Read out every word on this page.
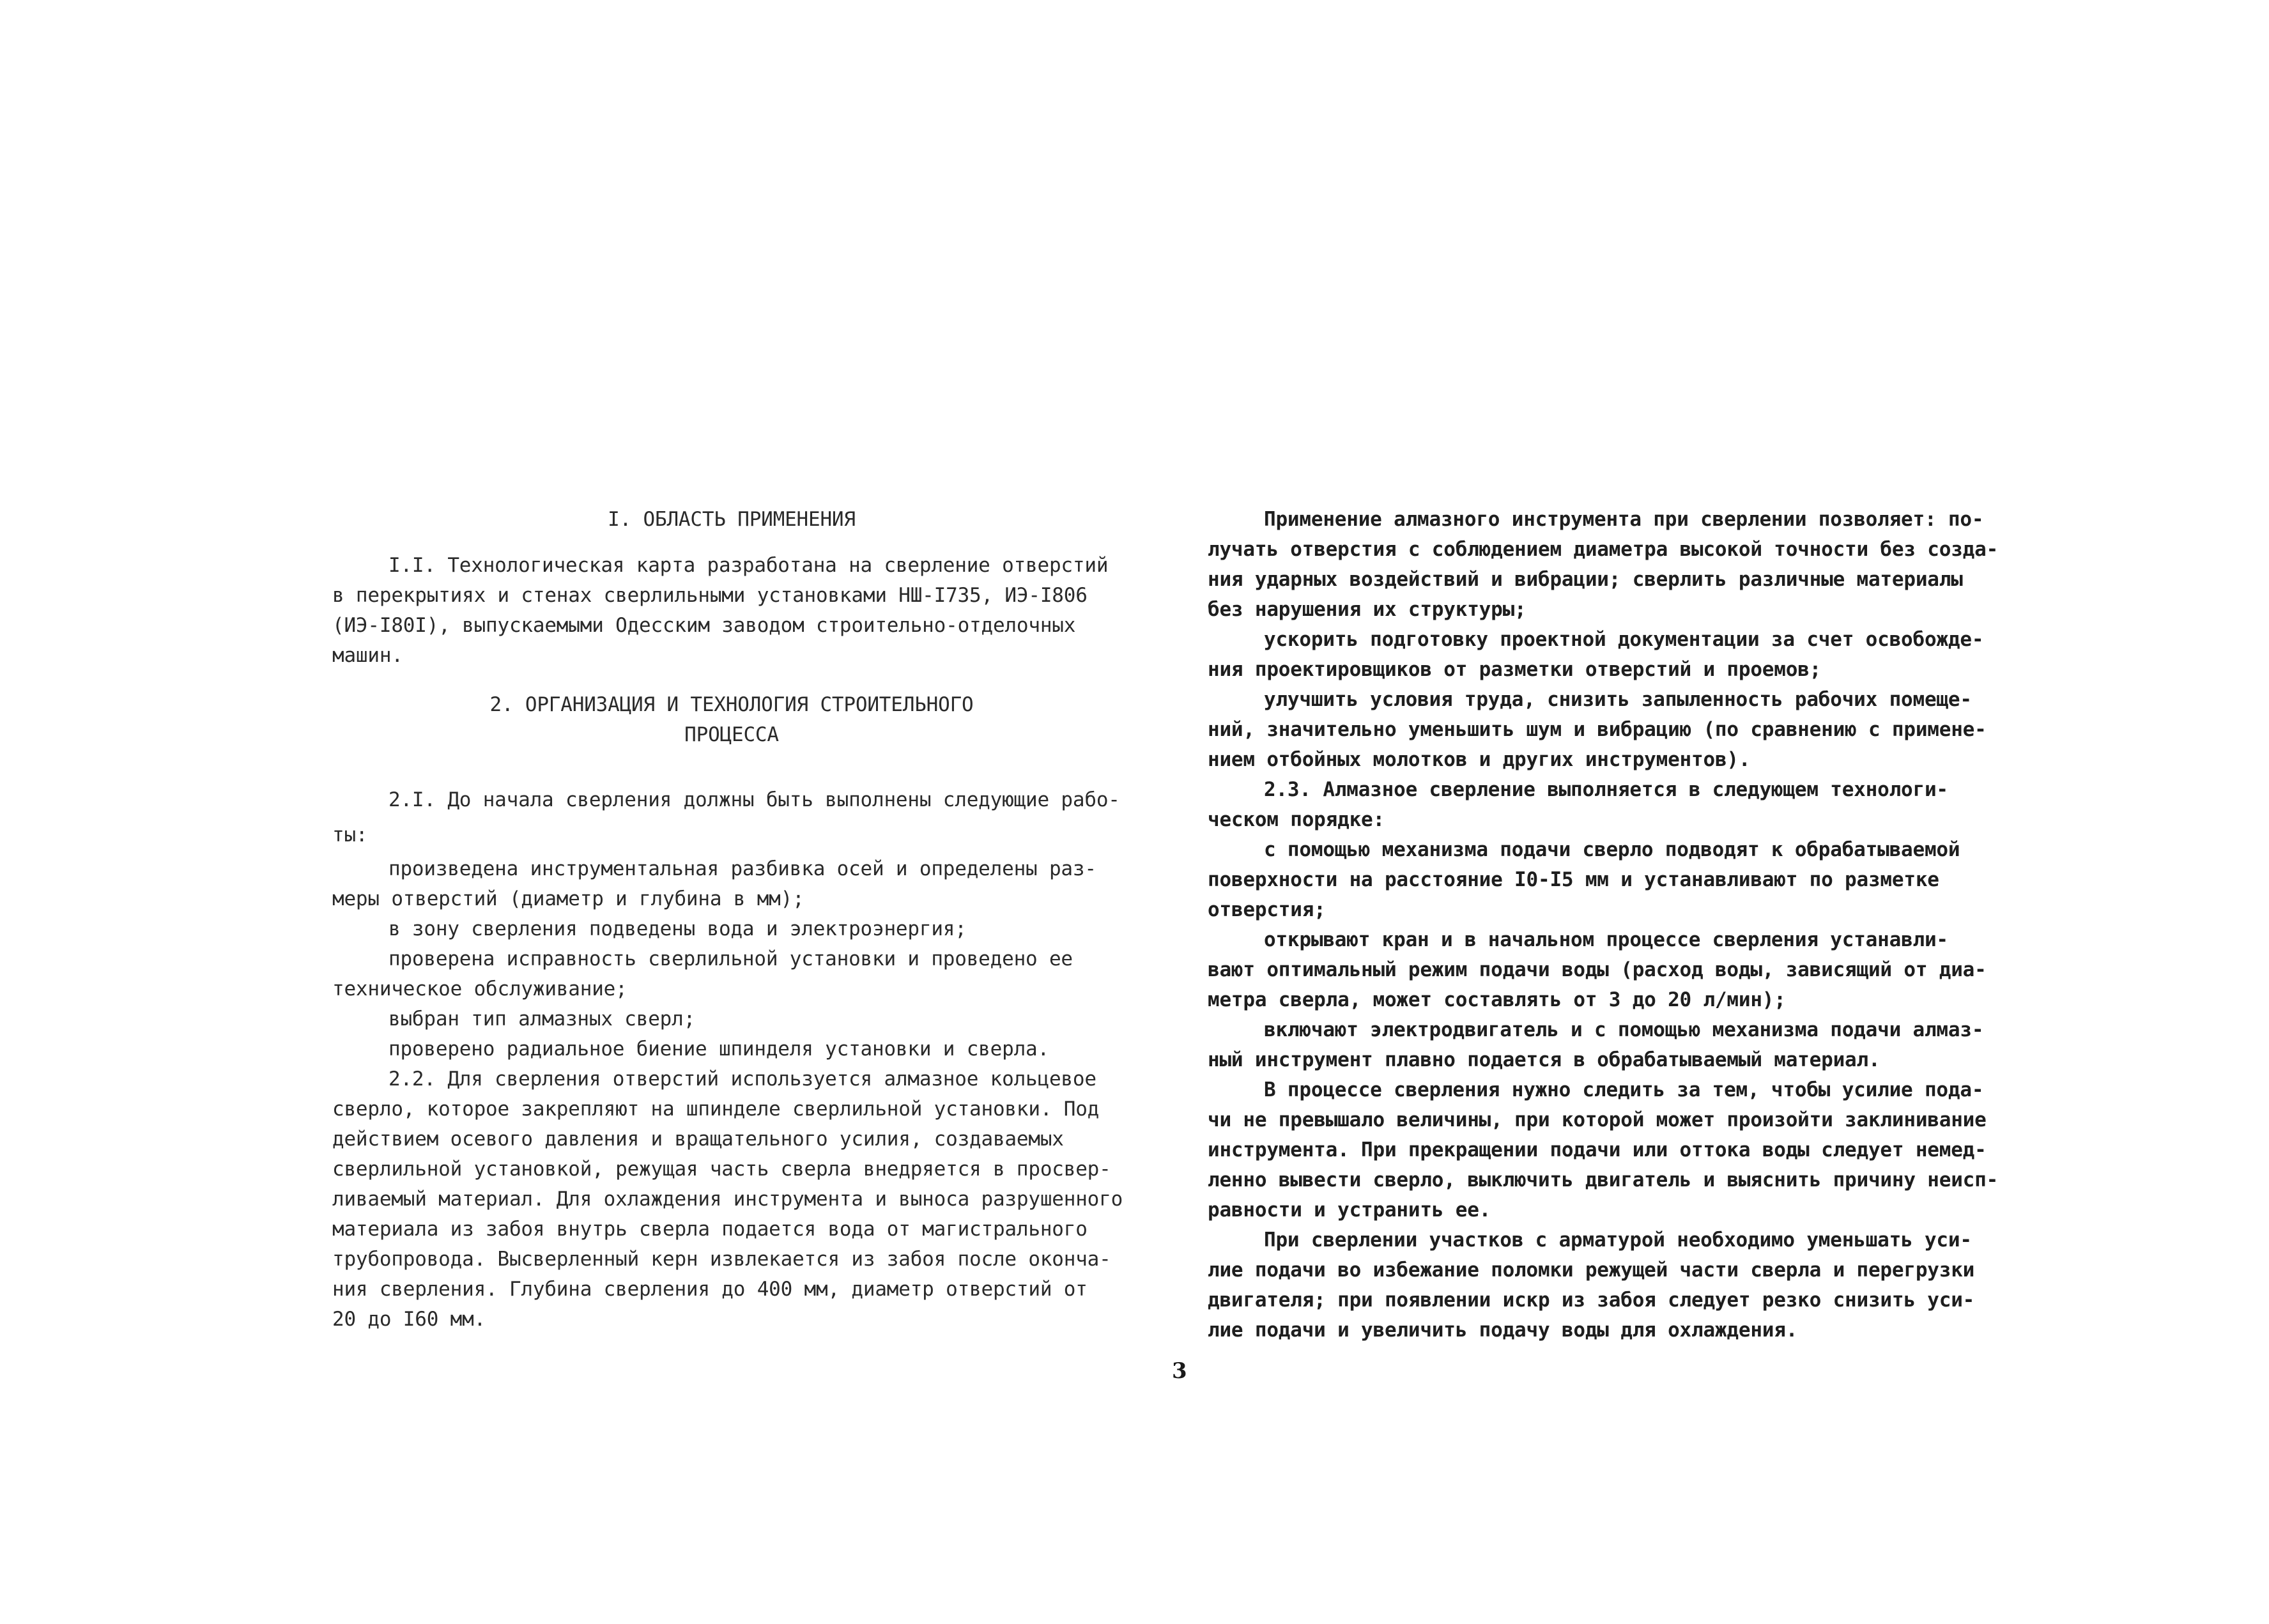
I. ОБЛАСТЬ ПРИМЕНЕНИЯ
I.I. Технологическая карта разработана на сверление отверстий
в перекрытиях и стенах сверлильными установками НШ-I735, ИЭ-I806
(ИЭ-I80I), выпускаемыми Одесским заводом строительно-отделочных
машин.
2. ОРГАНИЗАЦИЯ И ТЕХНОЛОГИЯ СТРОИТЕЛЬНОГО
ПРОЦЕССА
2.I. До начала сверления должны быть выполнены следующие рабо-
ты:
произведена инструментальная разбивка осей и определены раз-
меры отверстий (диаметр и глубина в мм);
в зону сверления подведены вода и электроэнергия;
проверена исправность сверлильной установки и проведено ее
техническое обслуживание;
выбран тип алмазных сверл;
проверено радиальное биение шпинделя установки и сверла.
2.2. Для сверления отверстий используется алмазное кольцевое
сверло, которое закрепляют на шпинделе сверлильной установки. Под
действием осевого давления и вращательного усилия, создаваемых
сверлильной установкой, режущая часть сверла внедряется в просвер-
ливаемый материал. Для охлаждения инструмента и выноса разрушенного
материала из забоя внутрь сверла подается вода от магистрального
трубопровода. Высверленный керн извлекается из забоя после оконча-
ния сверления. Глубина сверления до 400 мм, диаметр отверстий от
20 до I60 мм.
Применение алмазного инструмента при сверлении позволяет: по-
лучать отверстия с соблюдением диаметра высокой точности без созда-
ния ударных воздействий и вибрации; сверлить различные материалы
без нарушения их структуры;
ускорить подготовку проектной документации за счет освобожде-
ния проектировщиков от разметки отверстий и проемов;
улучшить условия труда, снизить запыленность рабочих помеще-
ний, значительно уменьшить шум и вибрацию (по сравнению с примене-
нием отбойных молотков и других инструментов).
2.3. Алмазное сверление выполняется в следующем технологи-
ческом порядке:
с помощью механизма подачи сверло подводят к обрабатываемой
поверхности на расстояние I0-I5 мм и устанавливают по разметке
отверстия;
открывают кран и в начальном процессе сверления устанавли-
вают оптимальный режим подачи воды (расход воды, зависящий от диа-
метра сверла, может составлять от 3 до 20 л/мин);
включают электродвигатель и с помощью механизма подачи алмаз-
ный инструмент плавно подается в обрабатываемый материал.
В процессе сверления нужно следить за тем, чтобы усилие пода-
чи не превышало величины, при которой может произойти заклинивание
инструмента. При прекращении подачи или оттока воды следует немед-
ленно вывести сверло, выключить двигатель и выяснить причину неисп-
равности и устранить ее.
При сверлении участков с арматурой необходимо уменьшать уси-
лие подачи во избежание поломки режущей части сверла и перегрузки
двигателя; при появлении искр из забоя следует резко снизить уси-
лие подачи и увеличить подачу воды для охлаждения.
3
